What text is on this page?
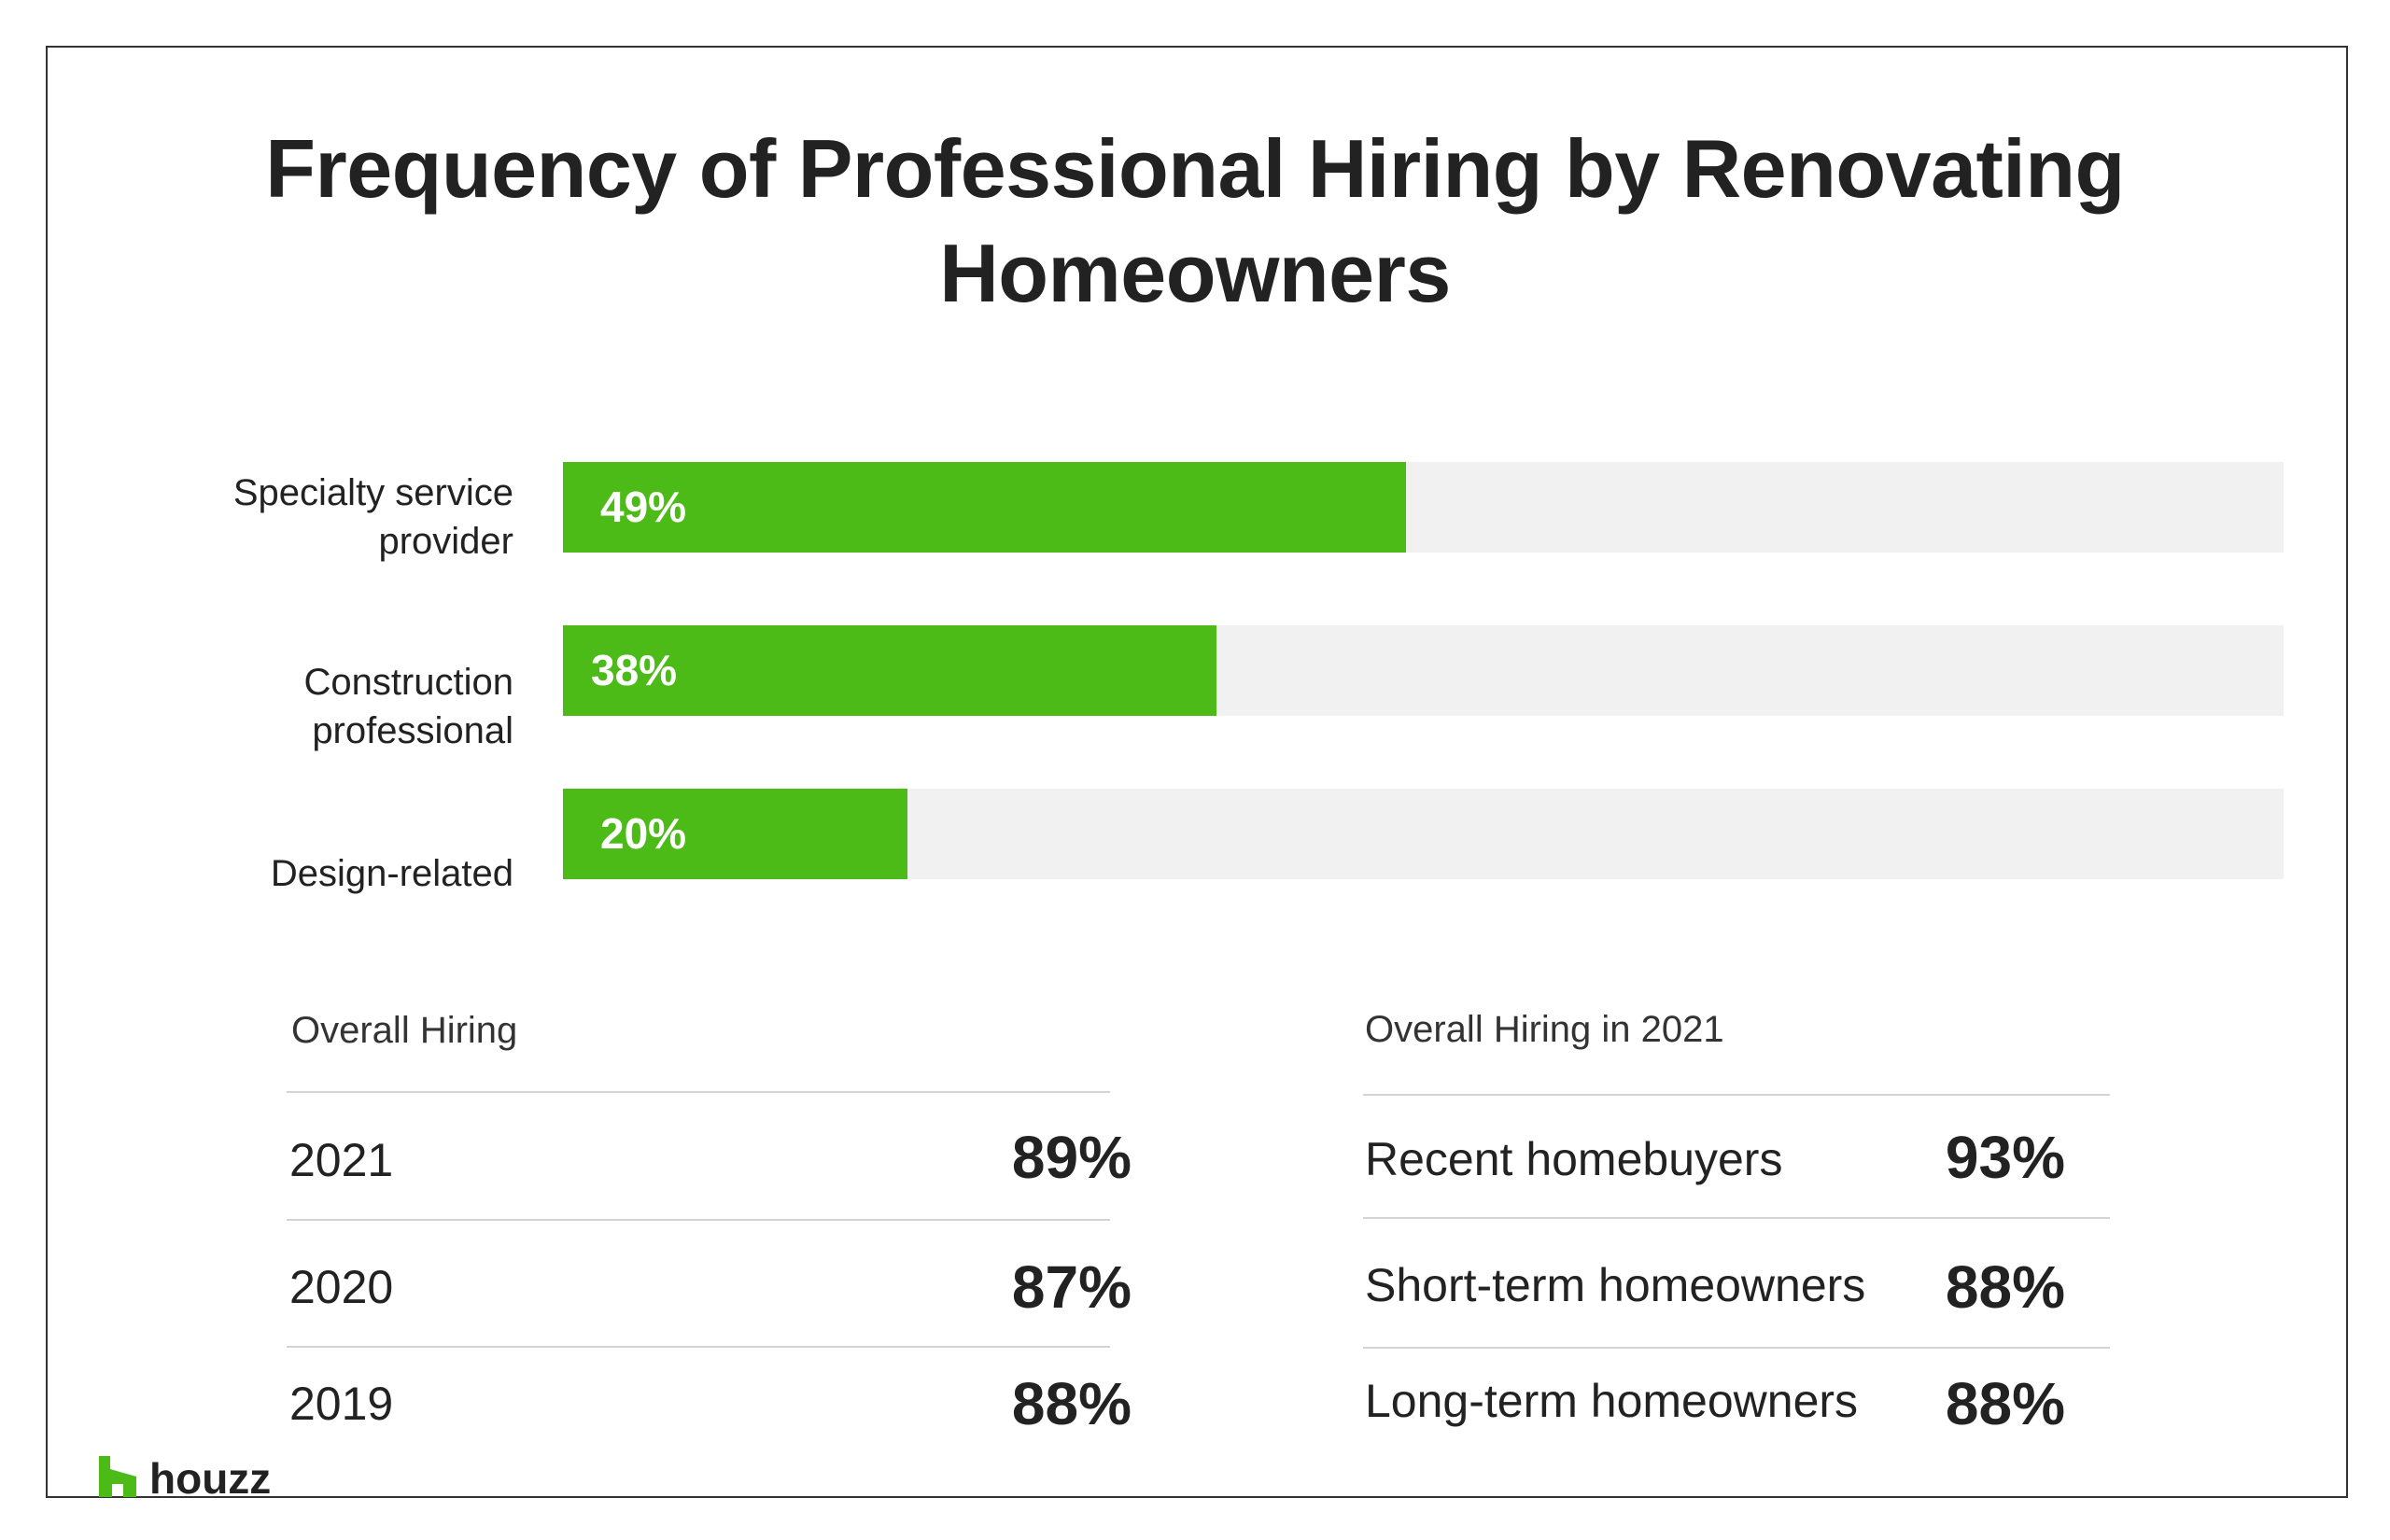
Frequency of Professional Hiring by Renovating
Homeowners
Specialty service
provider
49%
Construction
professional
38%
Design-related
20%
Overall Hiring
2021	89%
2020	87%
2019	88%
Overall Hiring in 2021
Recent homebuyers	93%
Short-term homeowners	88%
Long-term homeowners	88%
houzz
